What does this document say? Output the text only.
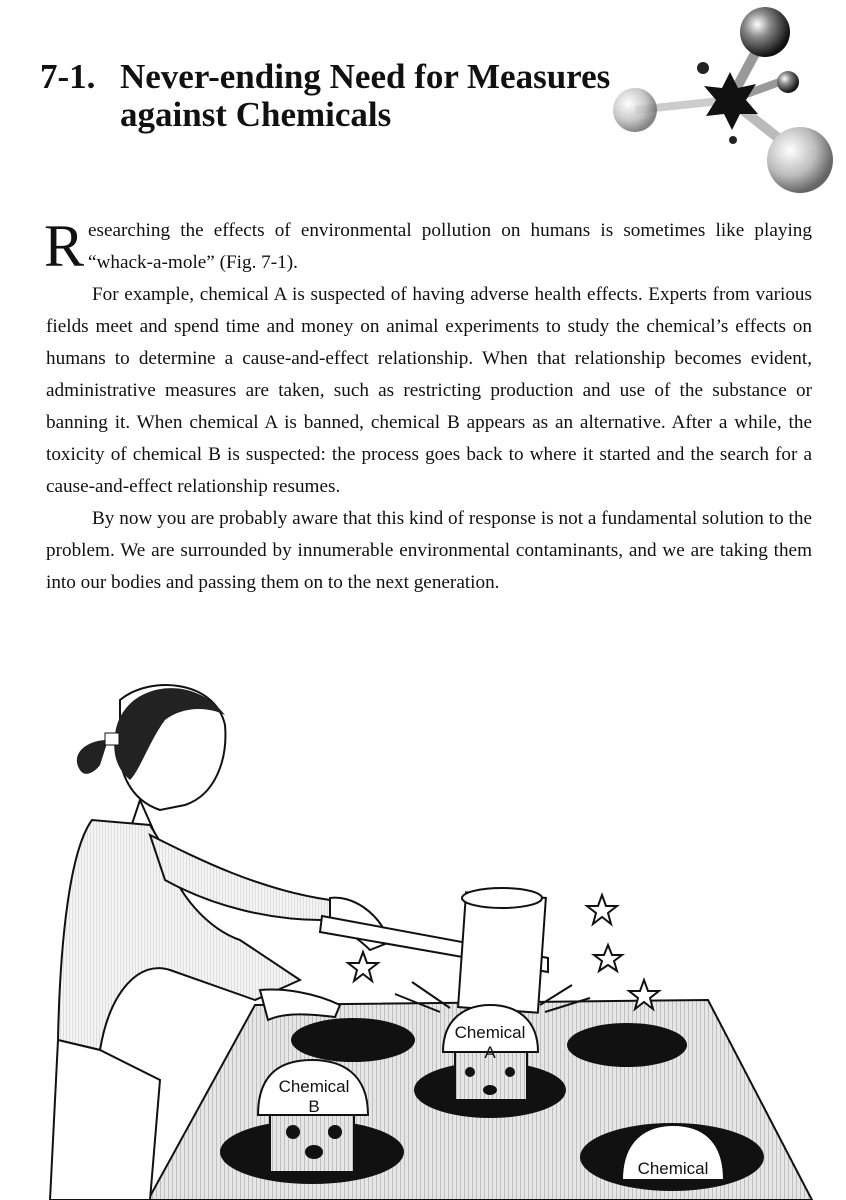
7-1. Never-ending Need for Measures
against Chemicals

Researching the effects of environmental pollution on humans is sometimes like playing “whack-a-mole” (Fig. 7-1).

For example, chemical A is suspected of having adverse health effects. Experts from various fields meet and spend time and money on animal experiments to study the chemical’s effects on humans to determine a cause-and-effect relationship. When that relationship becomes evident, administrative measures are taken, such as restricting production and use of the substance or banning it. When chemical A is banned, chemical B appears as an alternative. After a while, the toxicity of chemical B is suspected: the process goes back to where it started and the search for a cause-and-effect relationship resumes.

By now you are probably aware that this kind of response is not a fundamental solution to the problem. We are surrounded by innumerable environmental contaminants, and we are taking them into our bodies and passing them on to the next generation.

Chemical
A
Chemical
B
Chemical
